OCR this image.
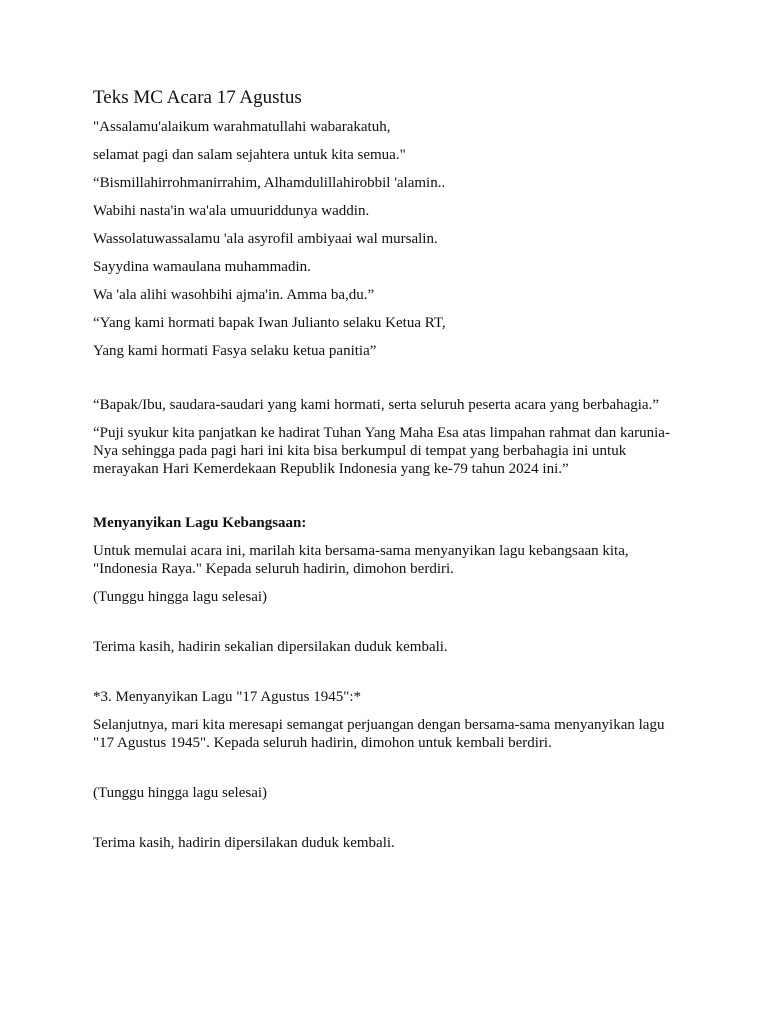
Teks MC Acara 17 Agustus

"Assalamu'alaikum warahmatullahi wabarakatuh,

selamat pagi dan salam sejahtera untuk kita semua."

“Bismillahirrohmanirrahim, Alhamdulillahirobbil 'alamin..

Wabihi nasta'in wa'ala umuuriddunya waddin.

Wassolatuwassalamu 'ala asyrofil ambiyaai wal mursalin.

Sayydina wamaulana muhammadin.

Wa 'ala alihi wasohbihi ajma'in. Amma ba,du.”

“Yang kami hormati bapak Iwan Julianto selaku Ketua RT,

Yang kami hormati Fasya selaku ketua panitia”

“Bapak/Ibu, saudara-saudari yang kami hormati, serta seluruh peserta acara yang berbahagia.”

“Puji syukur kita panjatkan ke hadirat Tuhan Yang Maha Esa atas limpahan rahmat dan karunia-Nya sehingga pada pagi hari ini kita bisa berkumpul di tempat yang berbahagia ini untuk merayakan Hari Kemerdekaan Republik Indonesia yang ke-79 tahun 2024 ini.”

Menyanyikan Lagu Kebangsaan:

Untuk memulai acara ini, marilah kita bersama-sama menyanyikan lagu kebangsaan kita, "Indonesia Raya." Kepada seluruh hadirin, dimohon berdiri.

(Tunggu hingga lagu selesai)

Terima kasih, hadirin sekalian dipersilakan duduk kembali.

*3. Menyanyikan Lagu "17 Agustus 1945":*

Selanjutnya, mari kita meresapi semangat perjuangan dengan bersama-sama menyanyikan lagu "17 Agustus 1945". Kepada seluruh hadirin, dimohon untuk kembali berdiri.

(Tunggu hingga lagu selesai)

Terima kasih, hadirin dipersilakan duduk kembali.
